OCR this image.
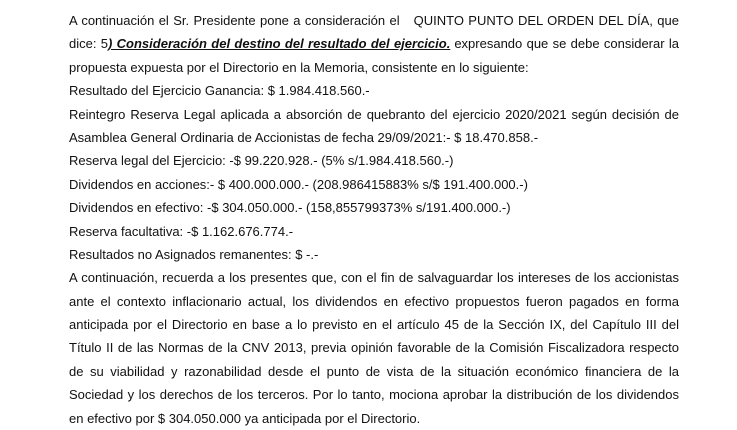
A continuación el Sr. Presidente pone a consideración el QUINTO PUNTO DEL ORDEN DEL DÍA, que
dice: 5) Consideración del destino del resultado del ejercicio. expresando que se debe considerar la
propuesta expuesta por el Directorio en la Memoria, consistente en lo siguiente:
Resultado del Ejercicio Ganancia: $ 1.984.418.560.-
Reintegro Reserva Legal aplicada a absorción de quebranto del ejercicio 2020/2021 según decisión de
Asamblea General Ordinaria de Accionistas de fecha 29/09/2021:- $ 18.470.858.-
Reserva legal del Ejercicio: -$ 99.220.928.- (5% s/1.984.418.560.-)
Dividendos en acciones:- $ 400.000.000.- (208.986415883% s/$ 191.400.000.-)
Dividendos en efectivo: -$ 304.050.000.- (158,855799373% s/191.400.000.-)
Reserva facultativa: -$ 1.162.676.774.-
Resultados no Asignados remanentes: $ -.-
A continuación, recuerda a los presentes que, con el fin de salvaguardar los intereses de los accionistas
ante el contexto inflacionario actual, los dividendos en efectivo propuestos fueron pagados en forma
anticipada por el Directorio en base a lo previsto en el artículo 45 de la Sección IX, del Capítulo III del
Título II de las Normas de la CNV 2013, previa opinión favorable de la Comisión Fiscalizadora respecto
de su viabilidad y razonabilidad desde el punto de vista de la situación económico financiera de la
Sociedad y los derechos de los terceros. Por lo tanto, mociona aprobar la distribución de los dividendos
en efectivo por $ 304.050.000 ya anticipada por el Directorio.
